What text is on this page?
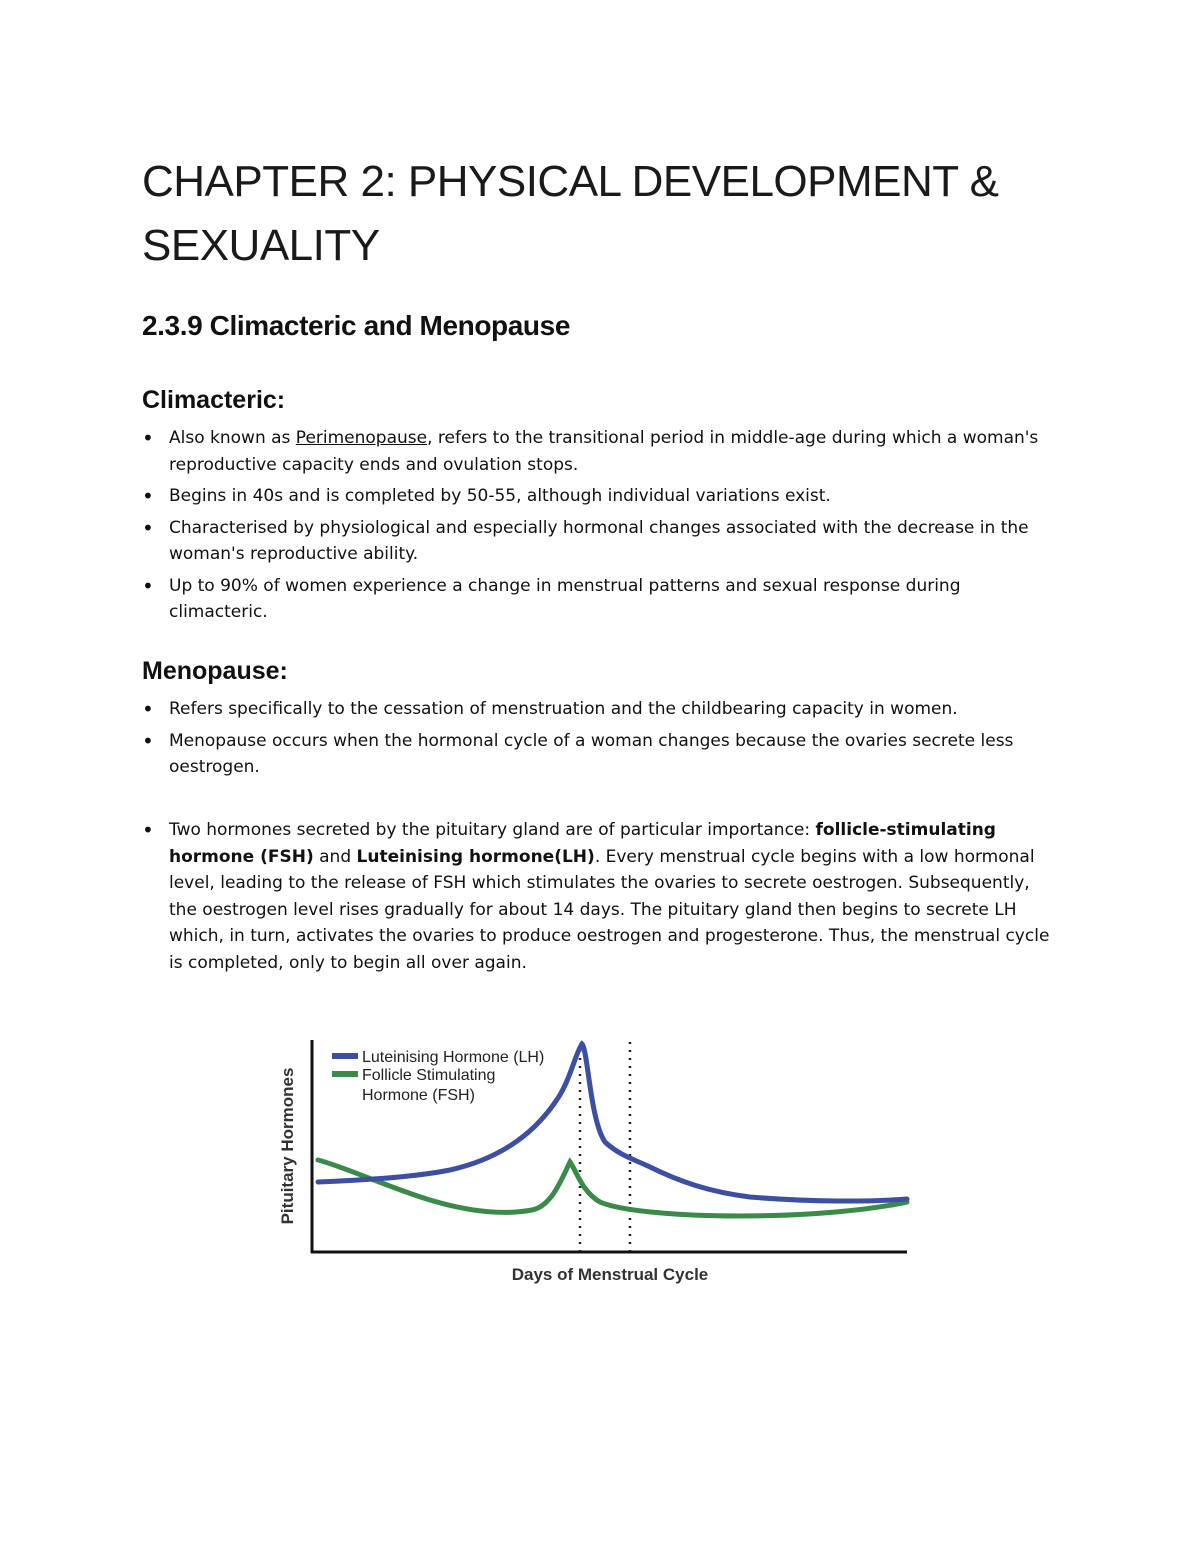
CHAPTER 2: PHYSICAL DEVELOPMENT & SEXUALITY
2.3.9 Climacteric and Menopause
Climacteric:
• Also known as Perimenopause, refers to the transitional period in middle-age during which a woman's reproductive capacity ends and ovulation stops.
• Begins in 40s and is completed by 50-55, although individual variations exist.
• Characterised by physiological and especially hormonal changes associated with the decrease in the woman's reproductive ability.
• Up to 90% of women experience a change in menstrual patterns and sexual response during climacteric.
Menopause:
• Refers specifically to the cessation of menstruation and the childbearing capacity in women.
• Menopause occurs when the hormonal cycle of a woman changes because the ovaries secrete less oestrogen.
• Two hormones secreted by the pituitary gland are of particular importance: follicle-stimulating hormone (FSH) and Luteinising hormone(LH). Every menstrual cycle begins with a low hormonal level, leading to the release of FSH which stimulates the ovaries to secrete oestrogen. Subsequently, the oestrogen level rises gradually for about 14 days. The pituitary gland then begins to secrete LH which, in turn, activates the ovaries to produce oestrogen and progesterone. Thus, the menstrual cycle is completed, only to begin all over again.
Luteinising Hormone (LH)
Follicle Stimulating
Hormone (FSH)
Pituitary Hormones
Days of Menstrual Cycle
